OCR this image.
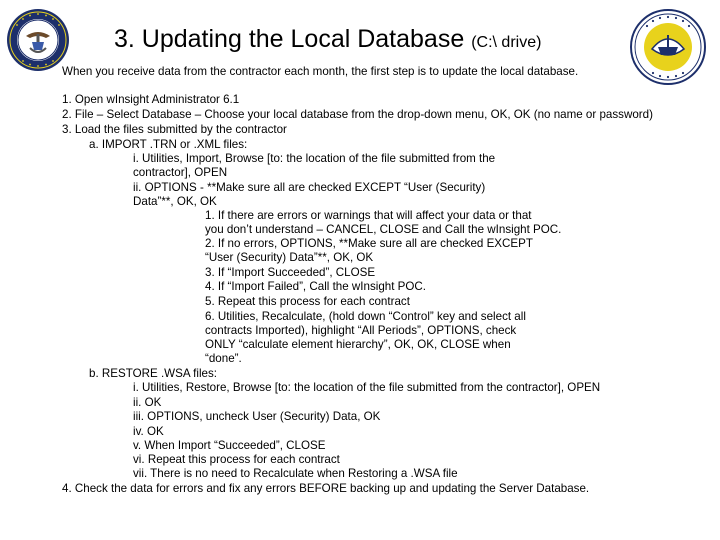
3. Updating the Local Database (C:\ drive)
When you receive data from the contractor each month, the first step is to update the local database.
1. Open wInsight Administrator 6.1
2. File – Select Database – Choose your local database from the drop-down menu, OK, OK (no name or password)
3. Load the files submitted by the contractor
a. IMPORT .TRN or .XML files:
i. Utilities, Import, Browse [to: the location of the file submitted from the
contractor], OPEN
ii. OPTIONS - **Make sure all are checked EXCEPT “User (Security)
Data”**, OK, OK
1. If there are errors or warnings that will affect your data or that
you don’t understand – CANCEL, CLOSE and Call the wInsight POC.
2. If no errors, OPTIONS, **Make sure all are checked EXCEPT
“User (Security) Data”**, OK, OK
3. If “Import Succeeded”, CLOSE
4. If “Import Failed”, Call the wInsight POC.
5. Repeat this process for each contract
6. Utilities, Recalculate, (hold down “Control” key and select all
contracts Imported), highlight “All Periods”, OPTIONS, check
ONLY “calculate element hierarchy”, OK, OK, CLOSE when
“done”.
b. RESTORE .WSA files:
i. Utilities, Restore, Browse [to: the location of the file submitted from the contractor], OPEN
ii. OK
iii. OPTIONS, uncheck User (Security) Data, OK
iv. OK
v. When Import “Succeeded”, CLOSE
vi. Repeat this process for each contract
vii. There is no need to Recalculate when Restoring a .WSA file
4. Check the data for errors and fix any errors BEFORE backing up and updating the Server Database.
